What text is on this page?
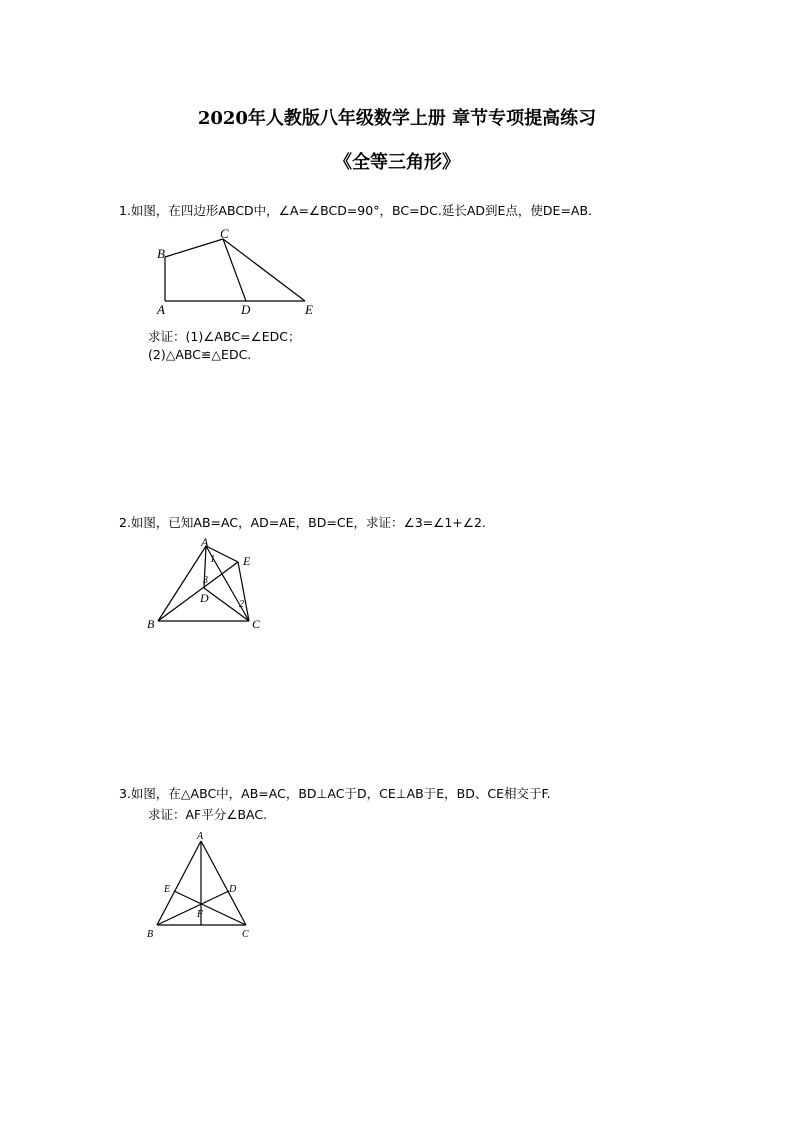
2020年人教版八年级数学上册 章节专项提高练习
《全等三角形》
1.如图，在四边形ABCD中，∠A=∠BCD=90°，BC=DC.延长AD到E点，使DE=AB.
A
B
C
D	E
求证：(1)∠ABC=∠EDC；
(2)△ABC≌△EDC.
2.如图，已知AB=AC，AD=AE，BD=CE，求证：∠3=∠1+∠2.
A
B	C
D
E
1
2
3
3.如图，在△ABC中，AB=AC，BD⊥AC于D，CE⊥AB于E，BD、CE相交于F.
求证：AF平分∠BAC.
A
B	C
D
E
F
